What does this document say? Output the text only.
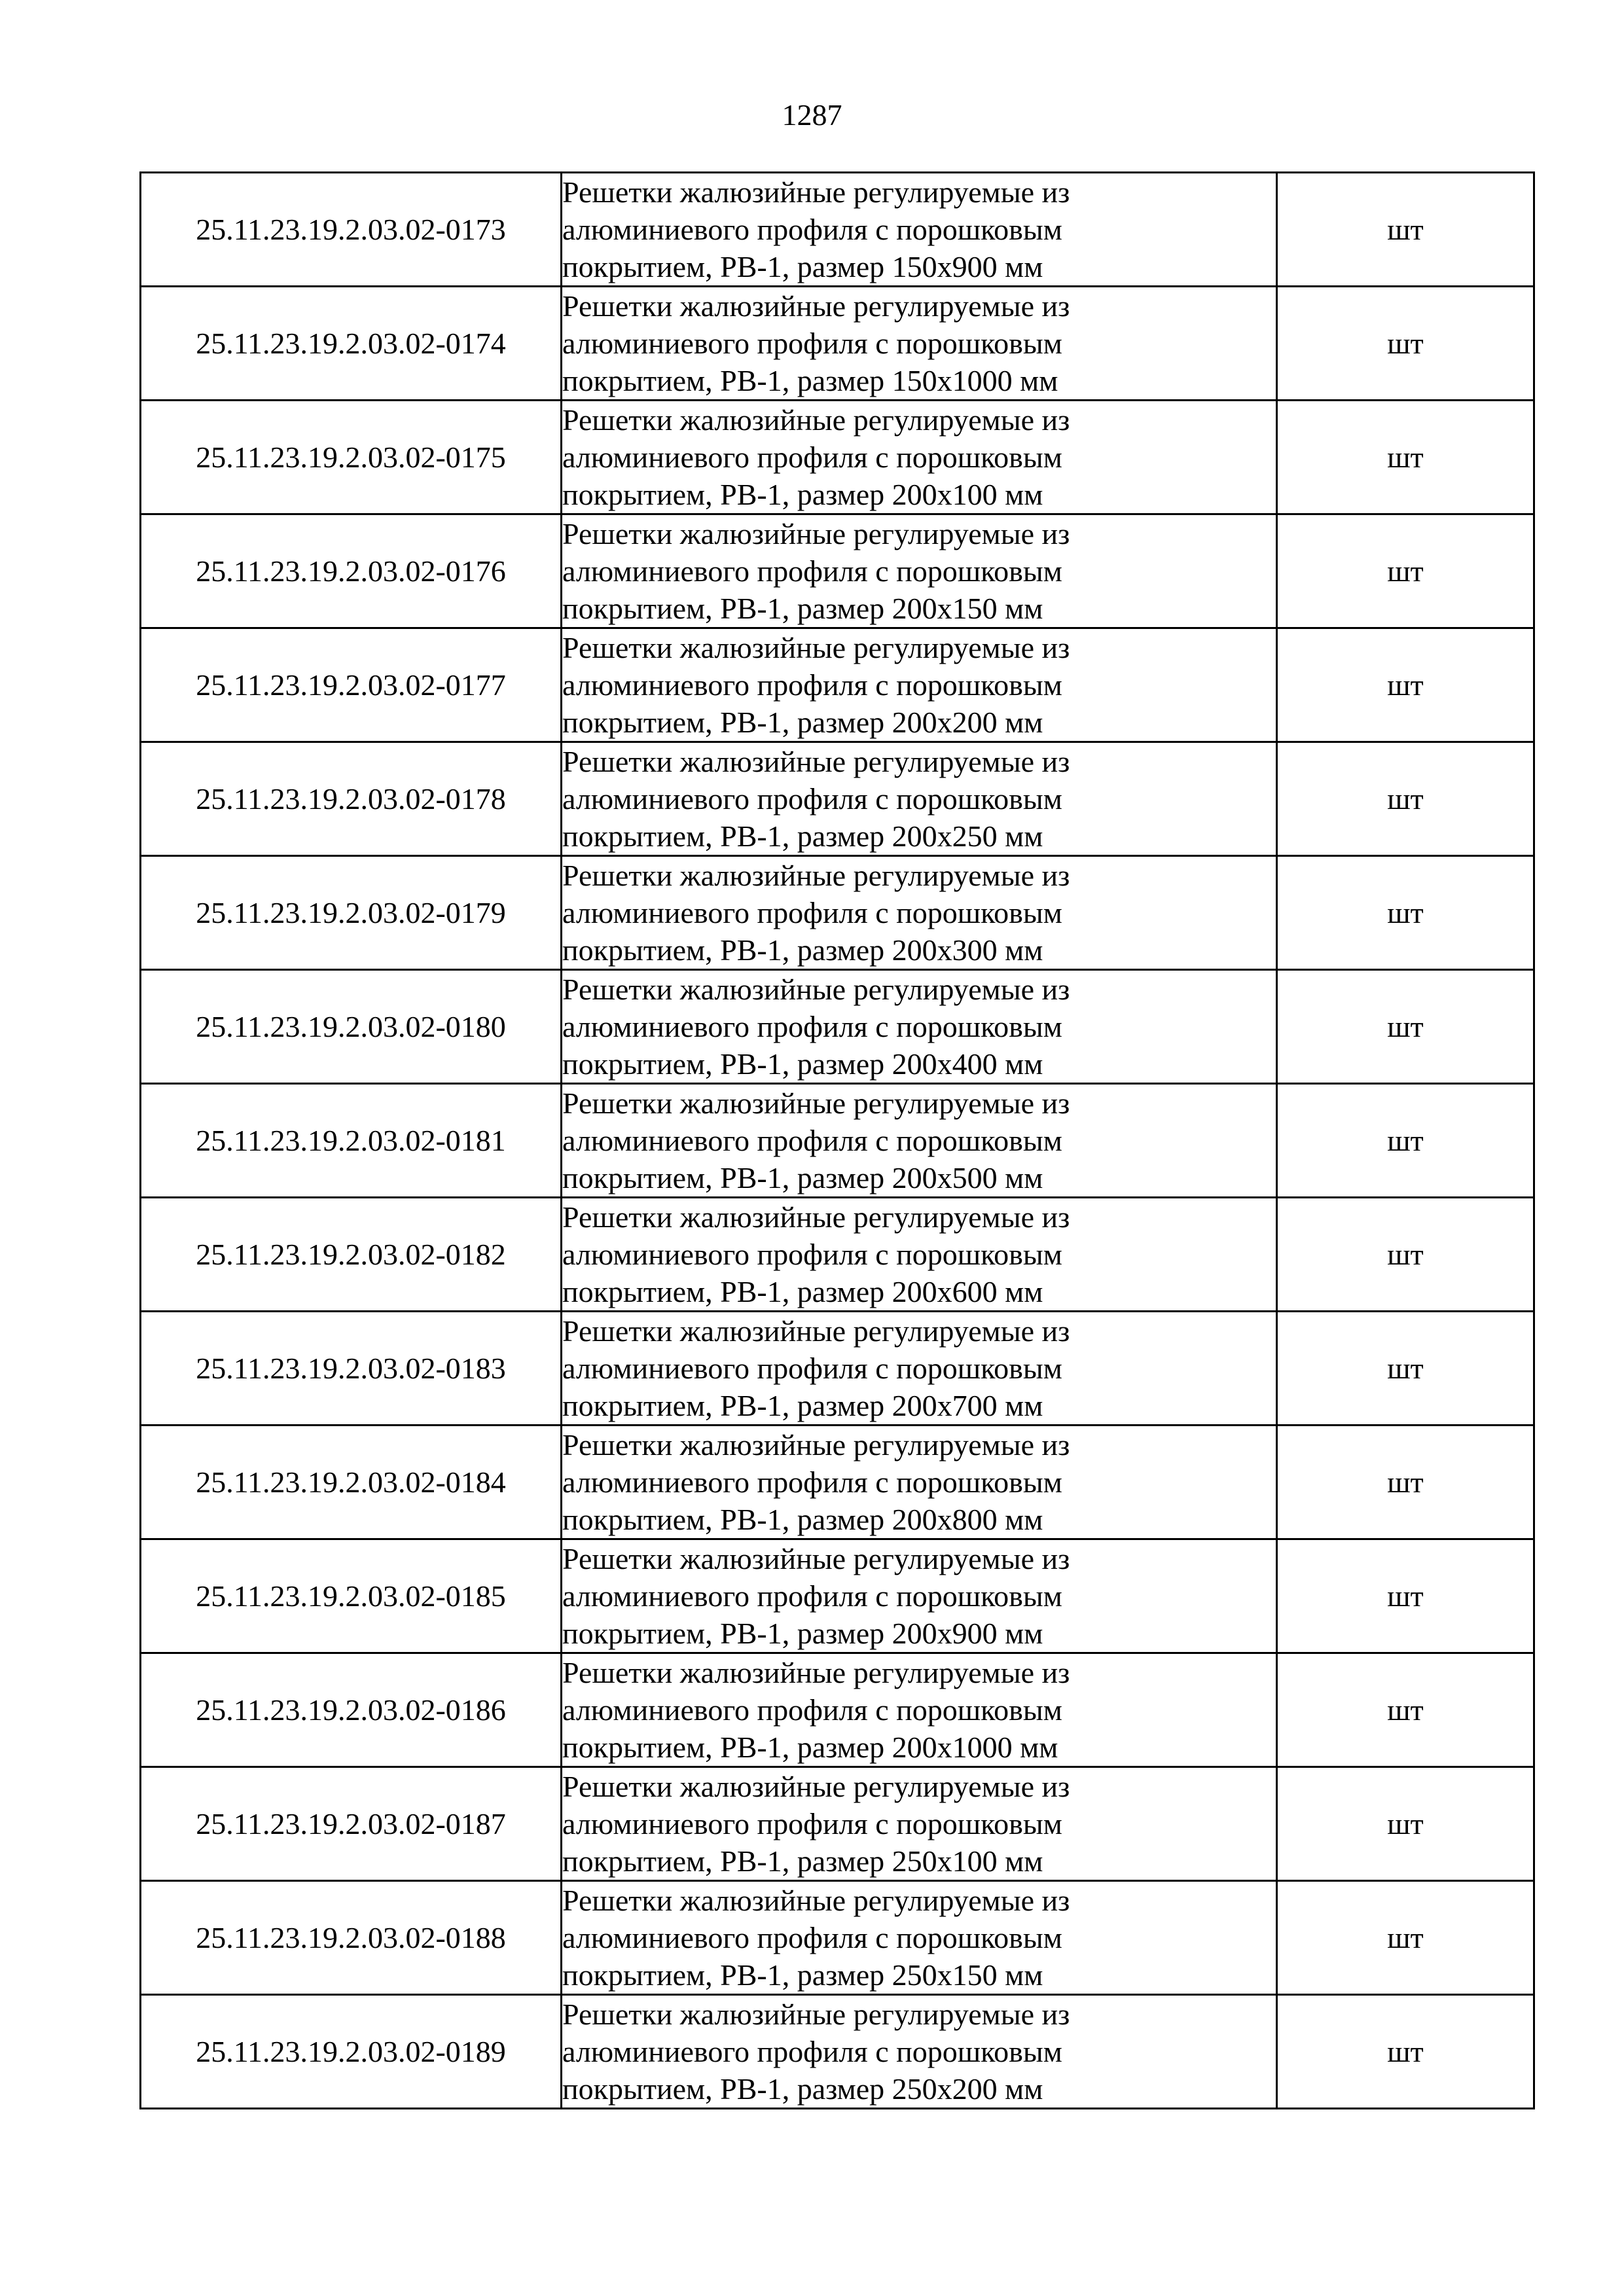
1287
25.11.23.19.2.03.02-0173	Решетки жалюзийные регулируемые из
алюминиевого профиля с порошковым
покрытием, РВ-1, размер 150х900 мм	шт
25.11.23.19.2.03.02-0174	Решетки жалюзийные регулируемые из
алюминиевого профиля с порошковым
покрытием, РВ-1, размер 150х1000 мм	шт
25.11.23.19.2.03.02-0175	Решетки жалюзийные регулируемые из
алюминиевого профиля с порошковым
покрытием, РВ-1, размер 200х100 мм	шт
25.11.23.19.2.03.02-0176	Решетки жалюзийные регулируемые из
алюминиевого профиля с порошковым
покрытием, РВ-1, размер 200х150 мм	шт
25.11.23.19.2.03.02-0177	Решетки жалюзийные регулируемые из
алюминиевого профиля с порошковым
покрытием, РВ-1, размер 200х200 мм	шт
25.11.23.19.2.03.02-0178	Решетки жалюзийные регулируемые из
алюминиевого профиля с порошковым
покрытием, РВ-1, размер 200х250 мм	шт
25.11.23.19.2.03.02-0179	Решетки жалюзийные регулируемые из
алюминиевого профиля с порошковым
покрытием, РВ-1, размер 200х300 мм	шт
25.11.23.19.2.03.02-0180	Решетки жалюзийные регулируемые из
алюминиевого профиля с порошковым
покрытием, РВ-1, размер 200х400 мм	шт
25.11.23.19.2.03.02-0181	Решетки жалюзийные регулируемые из
алюминиевого профиля с порошковым
покрытием, РВ-1, размер 200х500 мм	шт
25.11.23.19.2.03.02-0182	Решетки жалюзийные регулируемые из
алюминиевого профиля с порошковым
покрытием, РВ-1, размер 200х600 мм	шт
25.11.23.19.2.03.02-0183	Решетки жалюзийные регулируемые из
алюминиевого профиля с порошковым
покрытием, РВ-1, размер 200х700 мм	шт
25.11.23.19.2.03.02-0184	Решетки жалюзийные регулируемые из
алюминиевого профиля с порошковым
покрытием, РВ-1, размер 200х800 мм	шт
25.11.23.19.2.03.02-0185	Решетки жалюзийные регулируемые из
алюминиевого профиля с порошковым
покрытием, РВ-1, размер 200х900 мм	шт
25.11.23.19.2.03.02-0186	Решетки жалюзийные регулируемые из
алюминиевого профиля с порошковым
покрытием, РВ-1, размер 200х1000 мм	шт
25.11.23.19.2.03.02-0187	Решетки жалюзийные регулируемые из
алюминиевого профиля с порошковым
покрытием, РВ-1, размер 250х100 мм	шт
25.11.23.19.2.03.02-0188	Решетки жалюзийные регулируемые из
алюминиевого профиля с порошковым
покрытием, РВ-1, размер 250х150 мм	шт
25.11.23.19.2.03.02-0189	Решетки жалюзийные регулируемые из
алюминиевого профиля с порошковым
покрытием, РВ-1, размер 250х200 мм	шт
